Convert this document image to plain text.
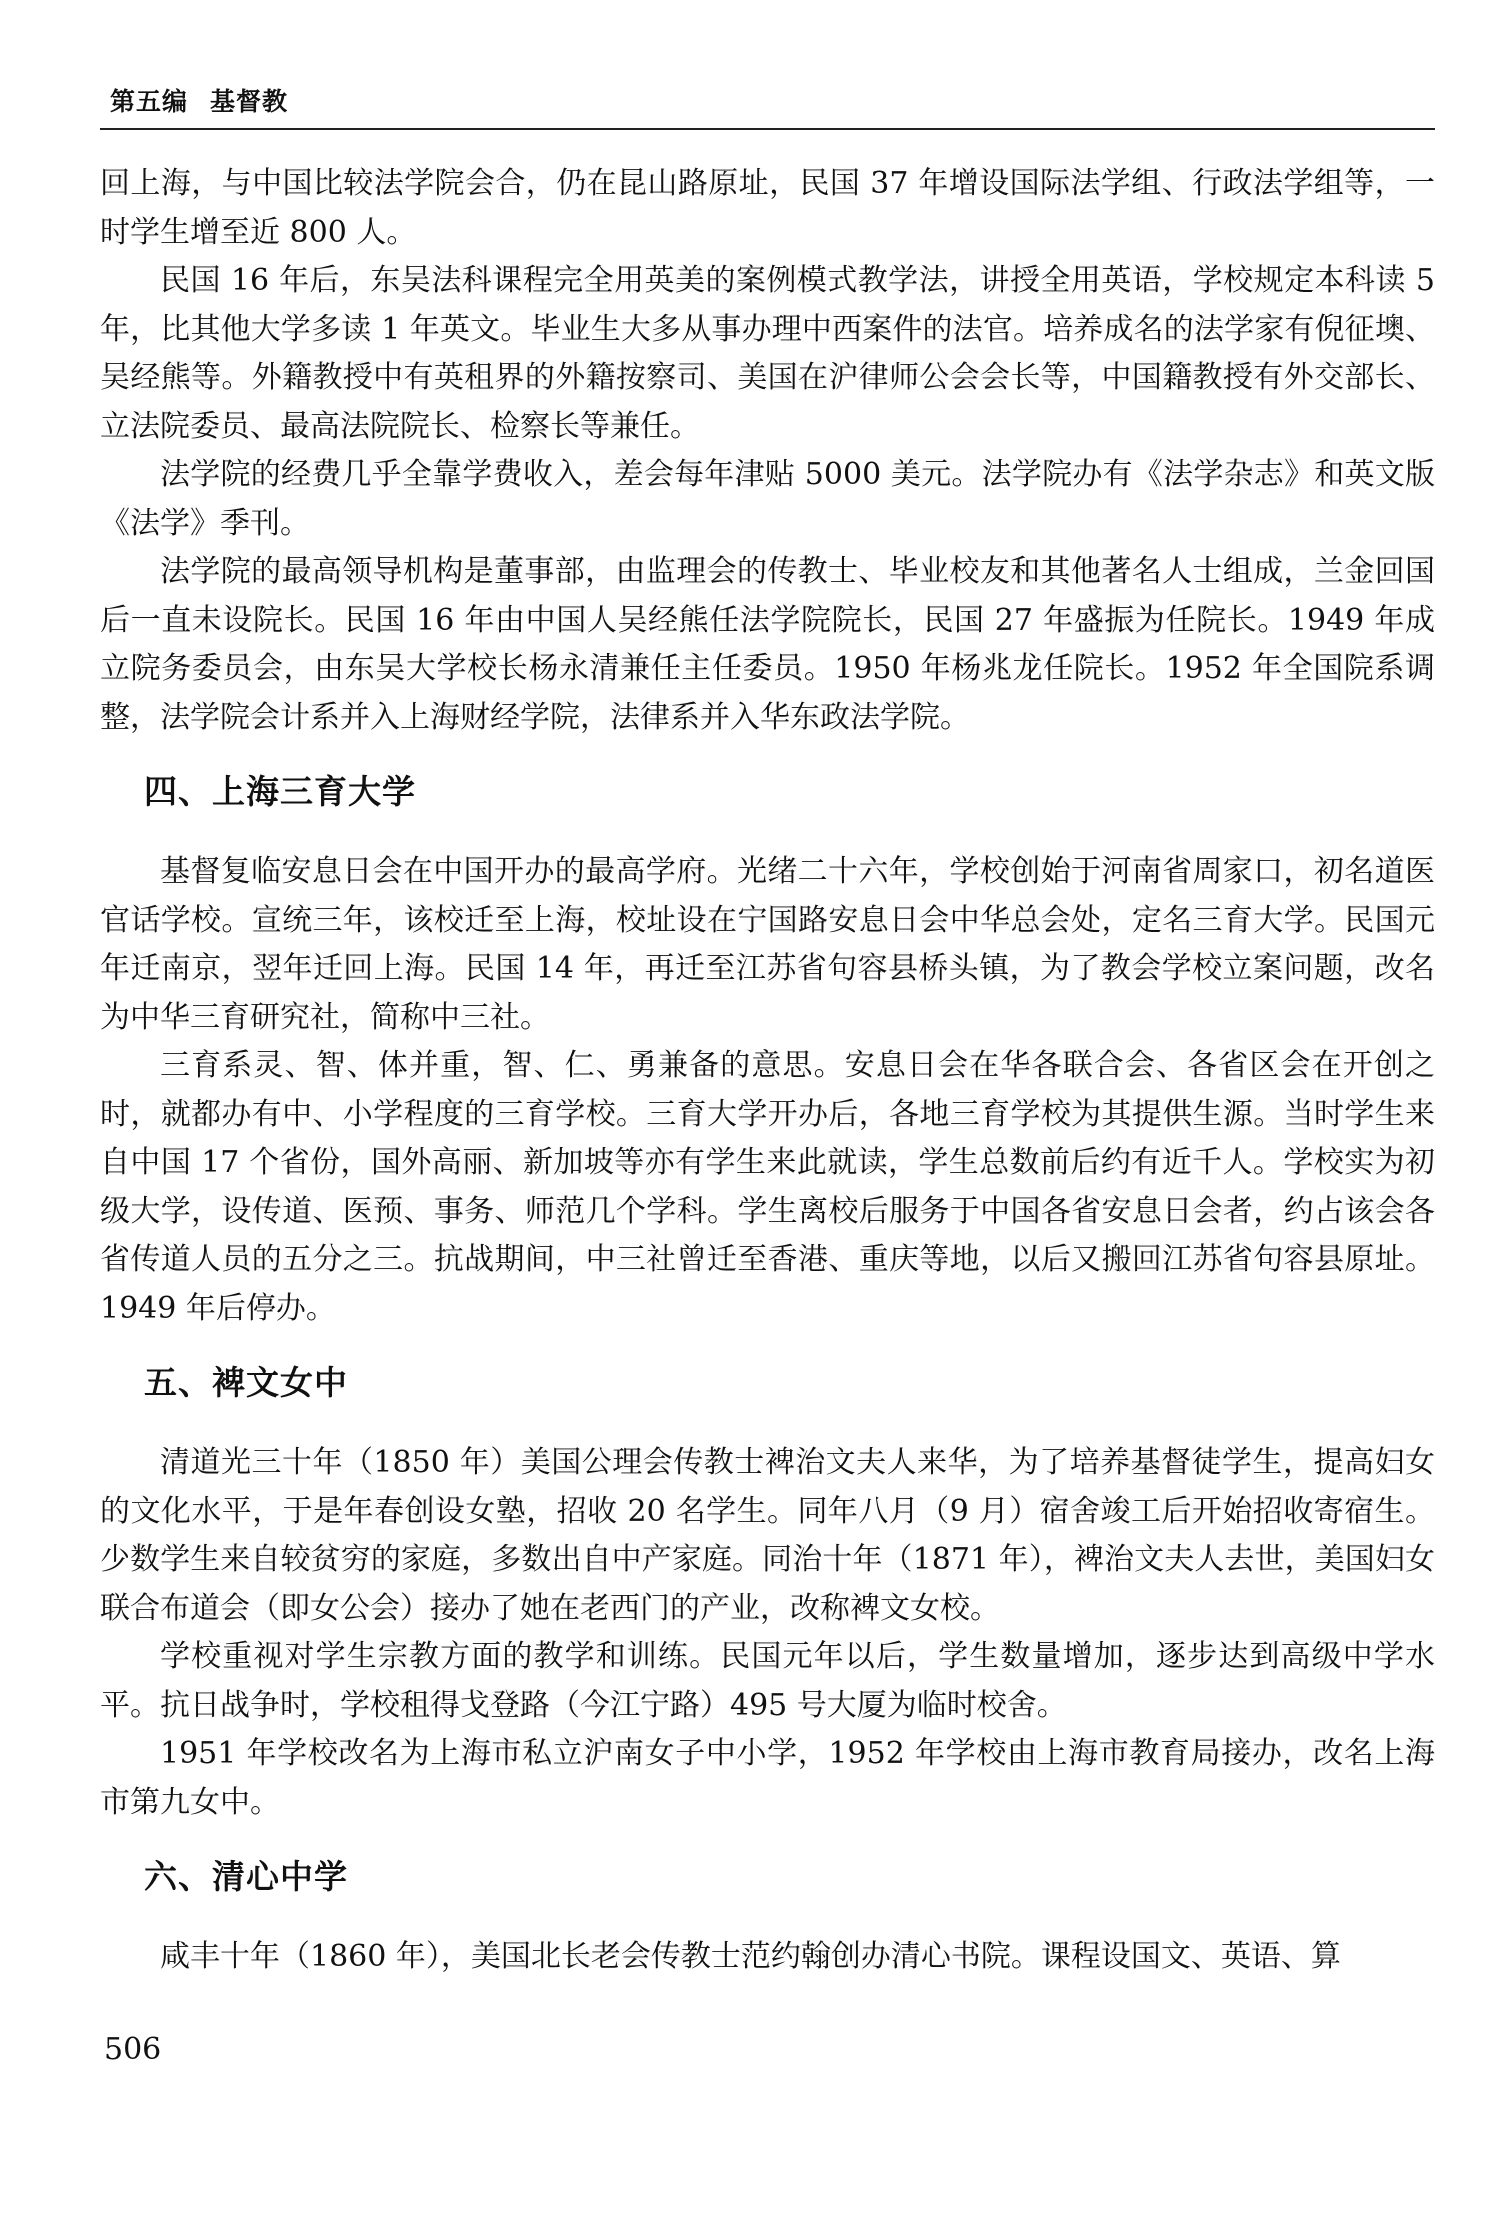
第五编 基督教

回上海，与中国比较法学院会合，仍在昆山路原址，民国 37 年增设国际法学组、行政法学组等，一时学生增至近 800 人。

民国 16 年后，东吴法科课程完全用英美的案例模式教学法，讲授全用英语，学校规定本科读 5 年，比其他大学多读 1 年英文。毕业生大多从事办理中西案件的法官。培养成名的法学家有倪征墺、吴经熊等。外籍教授中有英租界的外籍按察司、美国在沪律师公会会长等，中国籍教授有外交部长、立法院委员、最高法院院长、检察长等兼任。

法学院的经费几乎全靠学费收入，差会每年津贴 5000 美元。法学院办有《法学杂志》和英文版《法学》季刊。

法学院的最高领导机构是董事部，由监理会的传教士、毕业校友和其他著名人士组成，兰金回国后一直未设院长。民国 16 年由中国人吴经熊任法学院院长，民国 27 年盛振为任院长。1949 年成立院务委员会，由东吴大学校长杨永清兼任主任委员。1950 年杨兆龙任院长。1952 年全国院系调整，法学院会计系并入上海财经学院，法律系并入华东政法学院。

四、上海三育大学

基督复临安息日会在中国开办的最高学府。光绪二十六年，学校创始于河南省周家口，初名道医官话学校。宣统三年，该校迁至上海，校址设在宁国路安息日会中华总会处，定名三育大学。民国元年迁南京，翌年迁回上海。民国 14 年，再迁至江苏省句容县桥头镇，为了教会学校立案问题，改名为中华三育研究社，简称中三社。

三育系灵、智、体并重，智、仁、勇兼备的意思。安息日会在华各联合会、各省区会在开创之时，就都办有中、小学程度的三育学校。三育大学开办后，各地三育学校为其提供生源。当时学生来自中国 17 个省份，国外高丽、新加坡等亦有学生来此就读，学生总数前后约有近千人。学校实为初级大学，设传道、医预、事务、师范几个学科。学生离校后服务于中国各省安息日会者，约占该会各省传道人员的五分之三。抗战期间，中三社曾迁至香港、重庆等地，以后又搬回江苏省句容县原址。1949 年后停办。

五、裨文女中

清道光三十年（1850 年）美国公理会传教士裨治文夫人来华，为了培养基督徒学生，提高妇女的文化水平，于是年春创设女塾，招收 20 名学生。同年八月（9 月）宿舍竣工后开始招收寄宿生。少数学生来自较贫穷的家庭，多数出自中产家庭。同治十年（1871 年），裨治文夫人去世，美国妇女联合布道会（即女公会）接办了她在老西门的产业，改称裨文女校。

学校重视对学生宗教方面的教学和训练。民国元年以后，学生数量增加，逐步达到高级中学水平。抗日战争时，学校租得戈登路（今江宁路）495 号大厦为临时校舍。

1951 年学校改名为上海市私立沪南女子中小学，1952 年学校由上海市教育局接办，改名上海市第九女中。

六、清心中学

咸丰十年（1860 年），美国北长老会传教士范约翰创办清心书院。课程设国文、英语、算

506
